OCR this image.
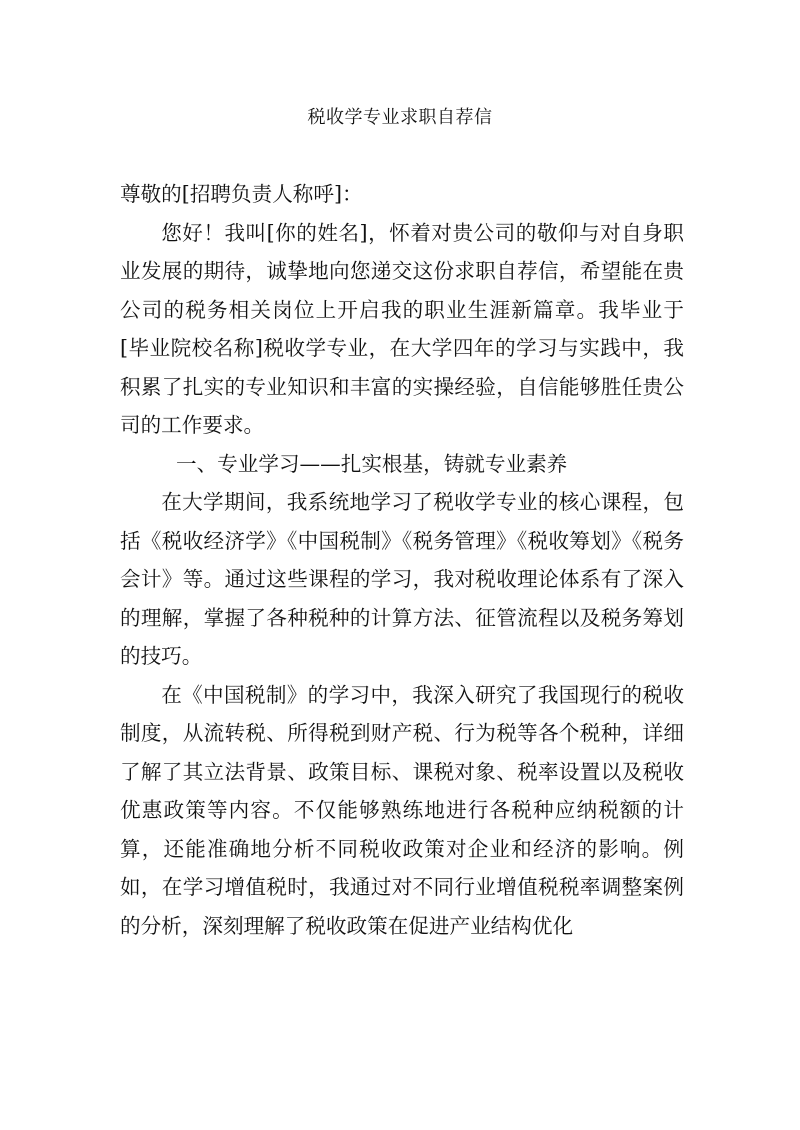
税收学专业求职自荐信

尊敬的[招聘负责人称呼]：

您好！我叫[你的姓名]，怀着对贵公司的敬仰与对自身职业发展的期待，诚挚地向您递交这份求职自荐信，希望能在贵公司的税务相关岗位上开启我的职业生涯新篇章。我毕业于[毕业院校名称]税收学专业，在大学四年的学习与实践中，我积累了扎实的专业知识和丰富的实操经验，自信能够胜任贵公司的工作要求。

一、专业学习——扎实根基，铸就专业素养

在大学期间，我系统地学习了税收学专业的核心课程，包括《税收经济学》《中国税制》《税务管理》《税收筹划》《税务会计》等。通过这些课程的学习，我对税收理论体系有了深入的理解，掌握了各种税种的计算方法、征管流程以及税务筹划的技巧。

在《中国税制》的学习中，我深入研究了我国现行的税收制度，从流转税、所得税到财产税、行为税等各个税种，详细了解了其立法背景、政策目标、课税对象、税率设置以及税收优惠政策等内容。不仅能够熟练地进行各税种应纳税额的计算，还能准确地分析不同税收政策对企业和经济的影响。例如，在学习增值税时，我通过对不同行业增值税税率调整案例的分析，深刻理解了税收政策在促进产业结构优化
